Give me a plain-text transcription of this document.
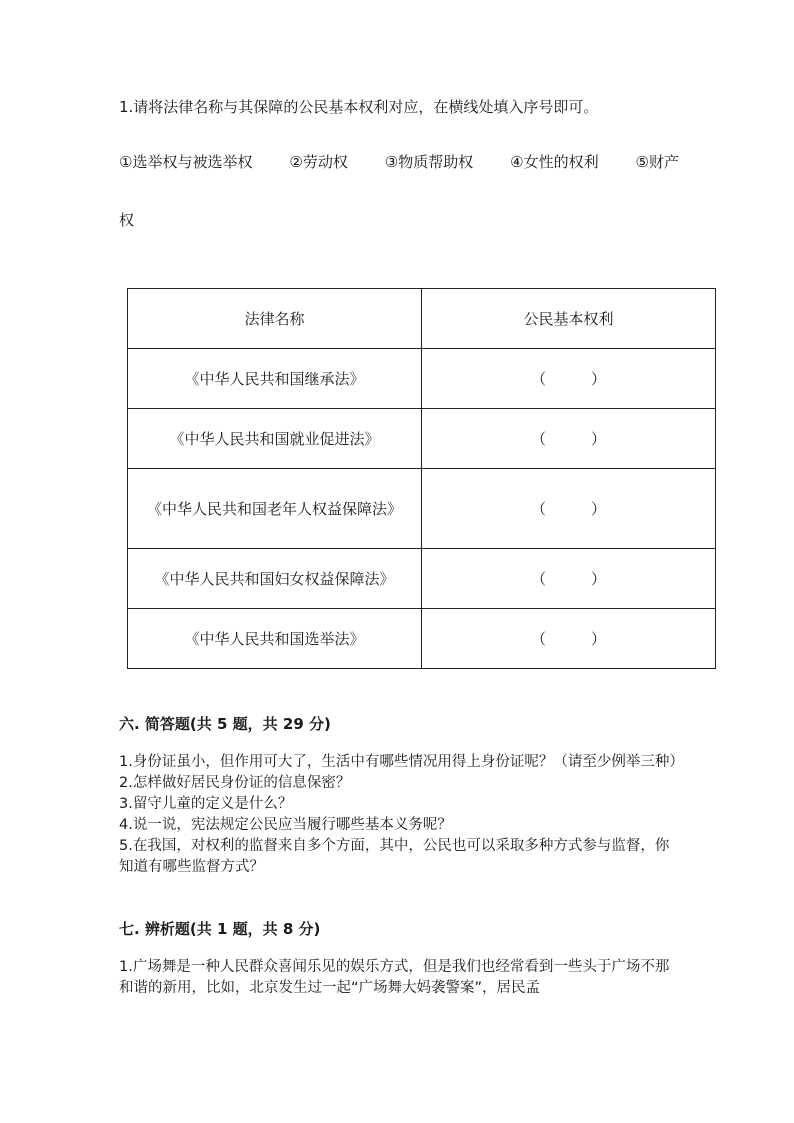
1.请将法律名称与其保障的公民基本权利对应，在横线处填入序号即可。
①选举权与被选举权 ②劳动权 ③物质帮助权 ④女性的权利 ⑤财产
权
法律名称	公民基本权利
《中华人民共和国继承法》	（　　　）
《中华人民共和国就业促进法》	（　　　）
《中华人民共和国老年人权益保障法》	（　　　）
《中华人民共和国妇女权益保障法》	（　　　）
《中华人民共和国选举法》	（　　　）
六. 简答题(共 5 题，共 29 分)

1.身份证虽小，但作用可大了，生活中有哪些情况用得上身份证呢？（请至少例举三种）

2.怎样做好居民身份证的信息保密？

3.留守儿童的定义是什么？

4.说一说，宪法规定公民应当履行哪些基本义务呢？

5.在我国，对权利的监督来自多个方面，其中，公民也可以采取多种方式参与监督，你知道有哪些监督方式？

七. 辨析题(共 1 题，共 8 分)

1.广场舞是一种人民群众喜闻乐见的娱乐方式，但是我们也经常看到一些头于广场不那和谐的新用，比如，北京发生过一起“广场舞大妈袭警案”，居民孟
